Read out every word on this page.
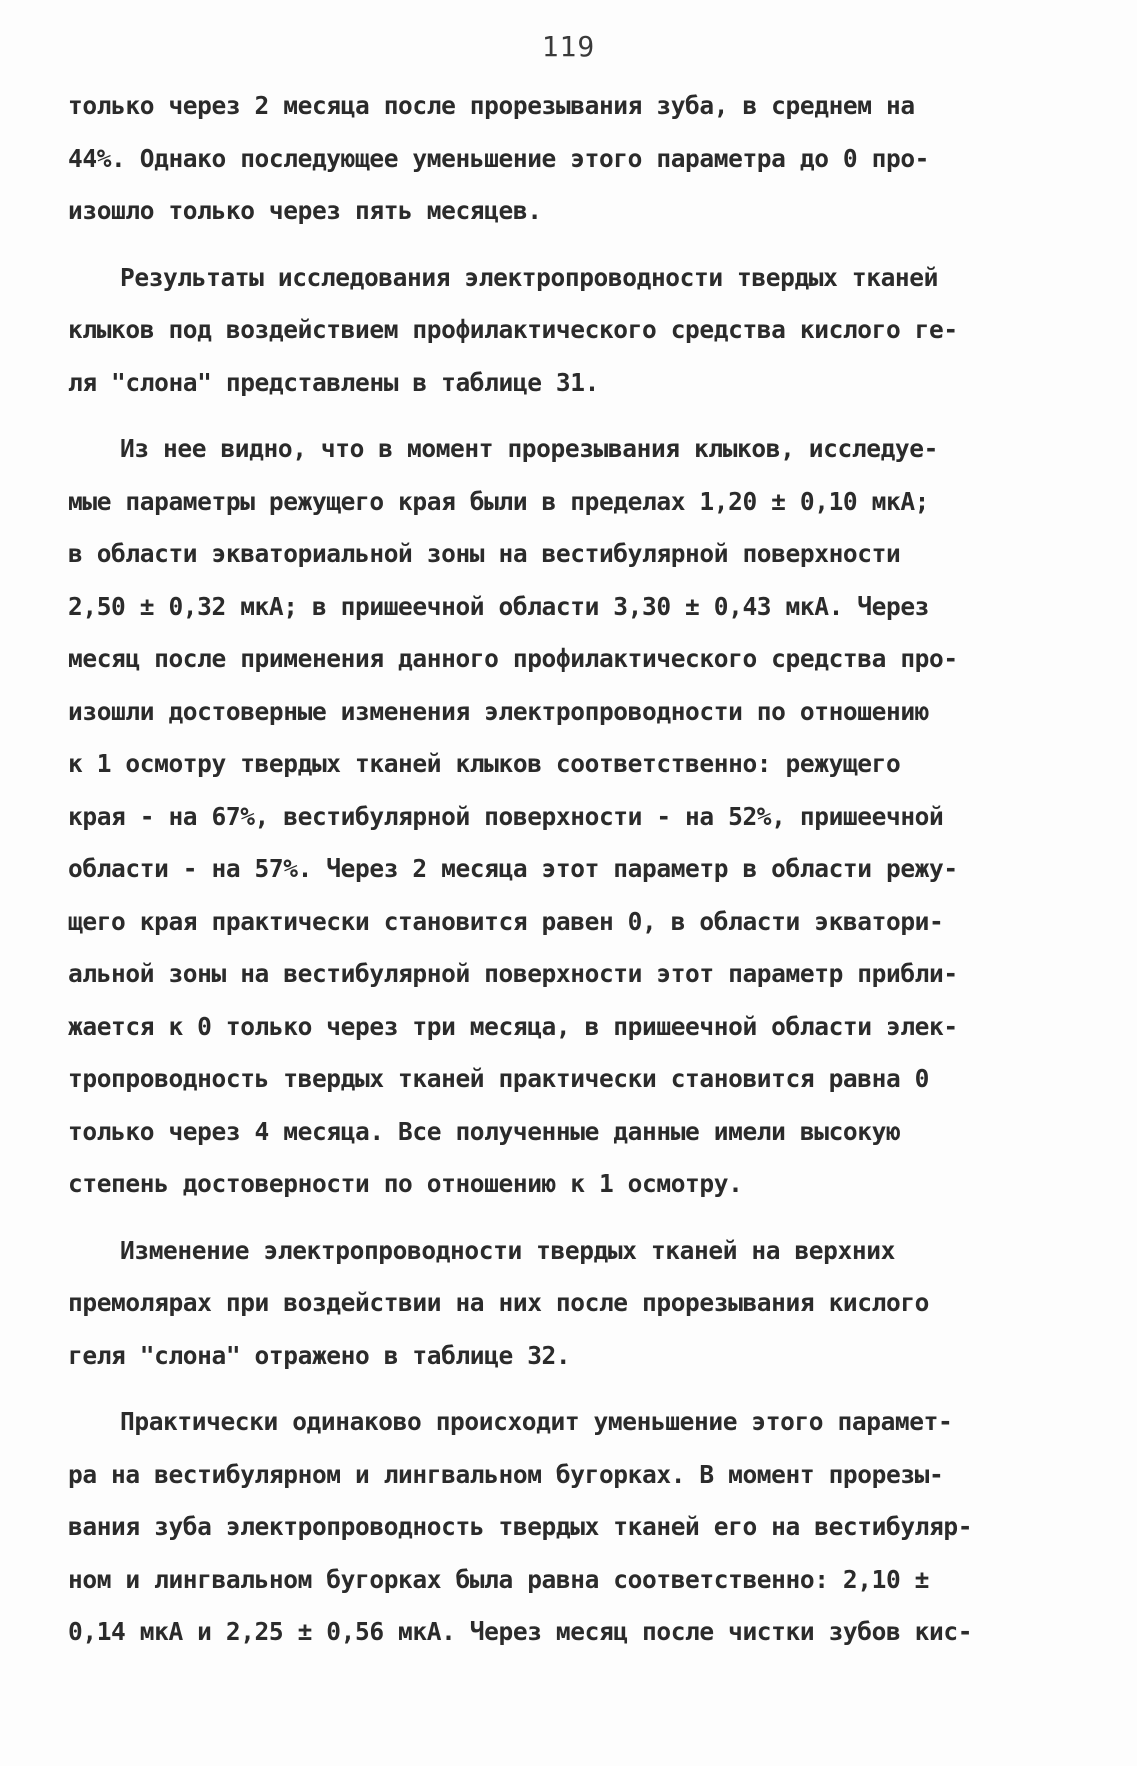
119
только через 2 месяца после прорезывания зуба, в среднем на
44%. Однако последующее уменьшение этого параметра до 0 про-
изошло только через пять месяцев.
Результаты исследования электропроводности твердых тканей
клыков под воздействием профилактического средства кислого ге-
ля "слона" представлены в таблице 31.
Из нее видно, что в момент прорезывания клыков, исследуе-
мые параметры режущего края были в пределах 1,20 ± 0,10 мкА;
в области экваториальной зоны на вестибулярной поверхности
2,50 ± 0,32 мкА; в пришеечной области 3,30 ± 0,43 мкА. Через
месяц после применения данного профилактического средства про-
изошли достоверные изменения электропроводности по отношению
к 1 осмотру твердых тканей клыков соответственно: режущего
края - на 67%, вестибулярной поверхности - на 52%, пришеечной
области - на 57%. Через 2 месяца этот параметр в области режу-
щего края практически становится равен 0, в области экватори-
альной зоны на вестибулярной поверхности этот параметр прибли-
жается к 0 только через три месяца, в пришеечной области элек-
тропроводность твердых тканей практически становится равна 0
только через 4 месяца. Все полученные данные имели высокую
степень достоверности по отношению к 1 осмотру.
Изменение электропроводности твердых тканей на верхних
премолярах при воздействии на них после прорезывания кислого
геля "слона" отражено в таблице 32.
Практически одинаково происходит уменьшение этого парамет-
ра на вестибулярном и лингвальном бугорках. В момент прорезы-
вания зуба электропроводность твердых тканей его на вестибуляр-
ном и лингвальном бугорках была равна соответственно: 2,10 ±
0,14 мкА и 2,25 ± 0,56 мкА. Через месяц после чистки зубов кис-
